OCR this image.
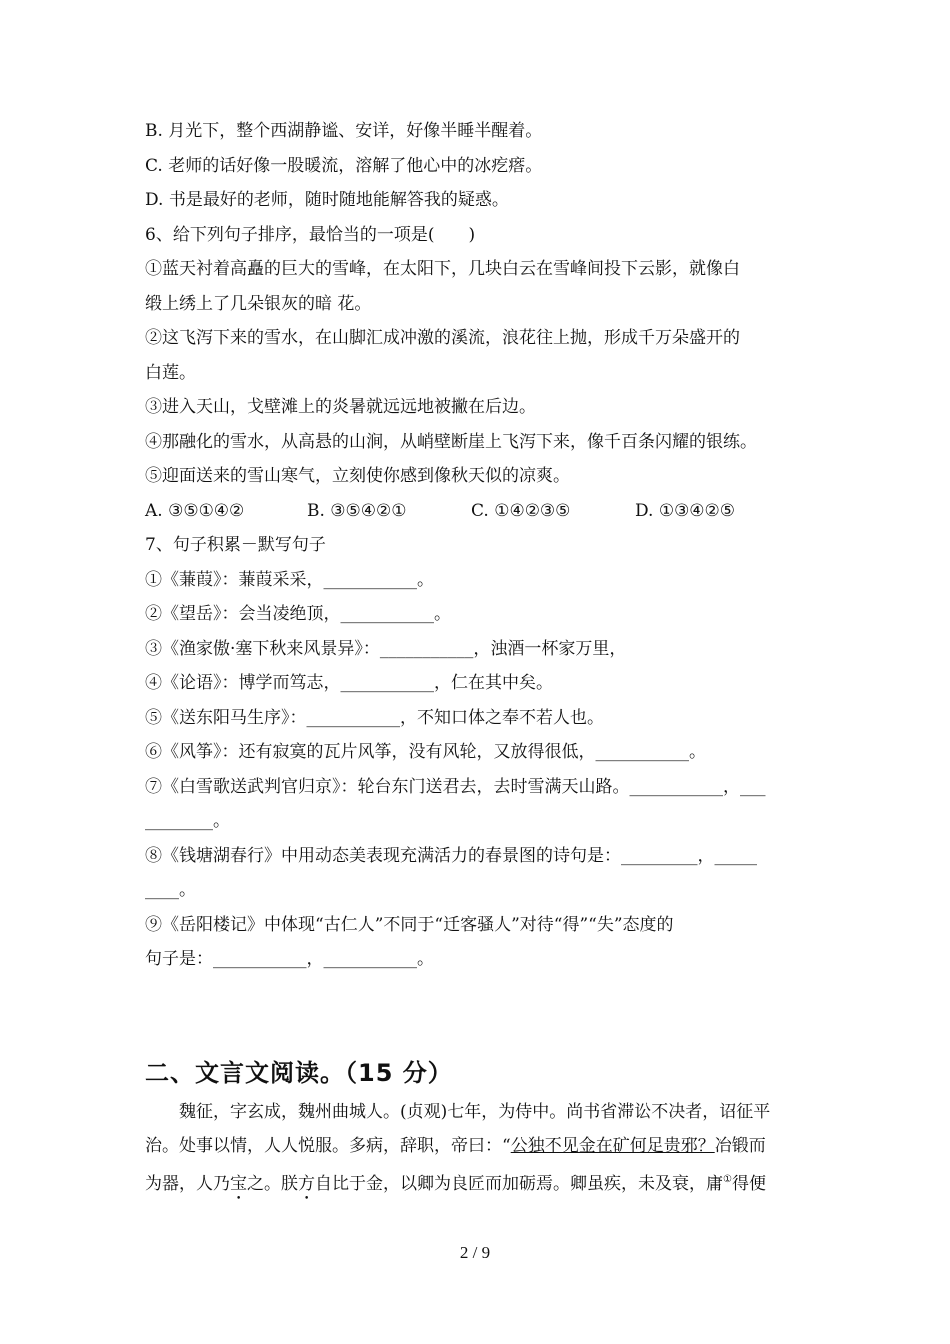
B. 月光下，整个西湖静谧、安详，好像半睡半醒着。
C. 老师的话好像一股暖流，溶解了他心中的冰疙瘩。
D. 书是最好的老师，随时随地能解答我的疑惑。
6、给下列句子排序，最恰当的一项是(　　)
①蓝天衬着高矗的巨大的雪峰，在太阳下，几块白云在雪峰间投下云影，就像白
缎上绣上了几朵银灰的暗 花。
②这飞泻下来的雪水，在山脚汇成冲激的溪流，浪花往上抛，形成千万朵盛开的
白莲。
③进入天山，戈壁滩上的炎暑就远远地被撇在后边。
④那融化的雪水，从高悬的山涧，从峭壁断崖上飞泻下来，像千百条闪耀的银练。
⑤迎面送来的雪山寒气，立刻使你感到像秋天似的凉爽。
A. ③⑤①④②	B. ③⑤④②①	C. ①④②③⑤	D. ①③④②⑤
7、句子积累－默写句子
①《蒹葭》：蒹葭采采，___________。
②《望岳》：会当凌绝顶，___________。
③《渔家傲·塞下秋来风景异》：___________，浊酒一杯家万里，
④《论语》：博学而笃志，___________，仁在其中矣。
⑤《送东阳马生序》：___________，不知口体之奉不若人也。
⑥《风筝》：还有寂寞的瓦片风筝，没有风轮，又放得很低，___________。
⑦《白雪歌送武判官归京》：轮台东门送君去，去时雪满天山路。___________，___
________。
⑧《钱塘湖春行》中用动态美表现充满活力的春景图的诗句是：_________，_____
____。
⑨《岳阳楼记》中体现“古仁人”不同于“迁客骚人”对待“得”“失”态度的
句子是：___________，___________。
二、文言文阅读。（15 分）
　　魏征，字玄成，魏州曲城人。(贞观)七年，为侍中。尚书省滞讼不决者，诏征平
治。处事以情，人人悦服。多病，辞职，帝曰：“公独不见金在矿何足贵邪？冶锻而
为器，人乃宝之。朕方自比于金，以卿为良匠而加砺焉。卿虽疾，未及衰，庸①得便
2 / 9
